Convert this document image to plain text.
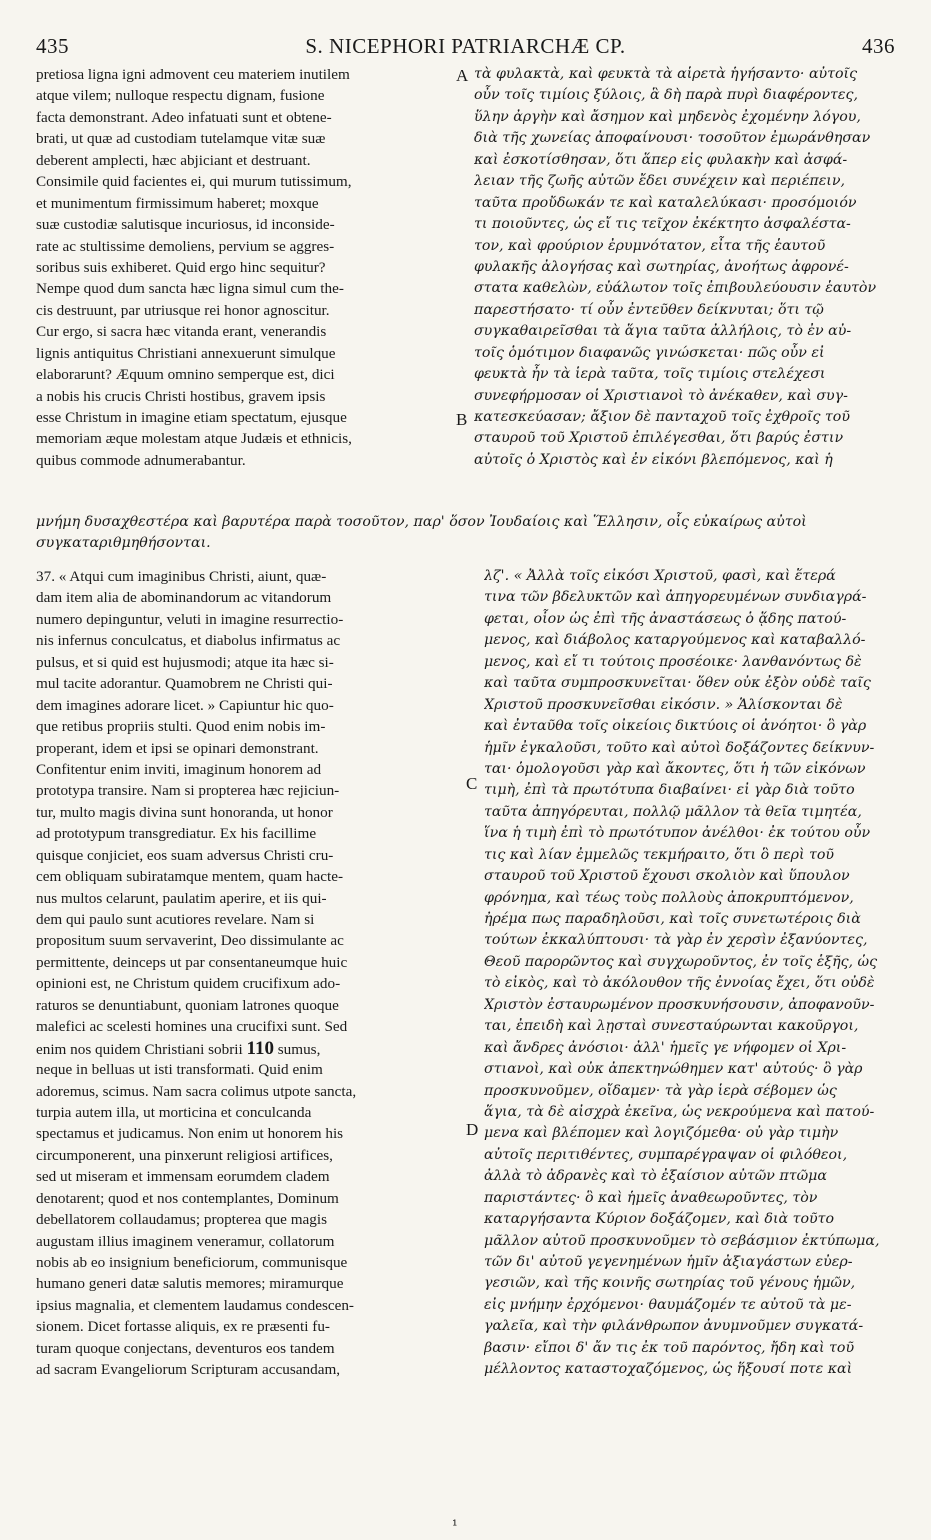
435	S. NICEPHORI PATRIARCHÆ CP.	436
A
B
C
D
pretiosa ligna igni admovent ceu materiem inutilem
atque vilem; nulloque respectu dignam, fusione
facta demonstrant. Adeo infatuati sunt et obtene-
brati, ut quæ ad custodiam tutelamque vitæ suæ
deberent amplecti, hæc abjiciant et destruant.
Consimile quid facientes ei, qui murum tutissimum,
et munimentum firmissimum haberet; moxque
suæ custodiæ salutisque incuriosus, id inconside-
rate ac stultissime demoliens, pervium se aggres-
soribus suis exhiberet. Quid ergo hinc sequitur?
Nempe quod dum sancta hæc ligna simul cum the-
cis destruunt, par utriusque rei honor agnoscitur.
Cur ergo, si sacra hæc vitanda erant, venerandis
lignis antiquitus Christiani annexuerunt simulque
elaborarunt? Æquum omnino semperque est, dici
a nobis his crucis Christi hostibus, gravem ipsis
esse Christum in imagine etiam spectatum, ejusque
memoriam æque molestam atque Judæis et ethnicis,
quibus commode adnumerabantur.
τὰ φυλακτὰ, καὶ φευκτὰ τὰ αἱρετὰ ἡγήσαντο· αὐτοῖς
οὖν τοῖς τιμίοις ξύλοις, ἃ δὴ παρὰ πυρὶ διαφέροντες,
ὕλην ἀργὴν καὶ ἄσημον καὶ μηδενὸς ἐχομένην λόγου,
διὰ τῆς χωνείας ἀποφαίνουσι· τοσοῦτον ἐμωράνθησαν
καὶ ἐσκοτίσθησαν, ὅτι ἅπερ εἰς φυλακὴν καὶ ἀσφά-
λειαν τῆς ζωῆς αὐτῶν ἔδει συνέχειν καὶ περιέπειν,
ταῦτα προὔδωκάν τε καὶ καταλελύκασι· προσόμοιόν
τι ποιοῦντες, ὡς εἴ τις τεῖχον ἐκέκτητο ἀσφαλέστα-
τον, καὶ φρούριον ἐρυμνότατον, εἶτα τῆς ἑαυτοῦ
φυλακῆς ἀλογήσας καὶ σωτηρίας, ἀνοήτως ἀφρονέ-
στατα καθελὼν, εὐάλωτον τοῖς ἐπιβουλεύουσιν ἑαυτὸν
παρεστήσατο· τί οὖν ἐντεῦθεν δείκνυται; ὅτι τῷ
συγκαθαιρεῖσθαι τὰ ἅγια ταῦτα ἀλλήλοις, τὸ ἐν αὐ-
τοῖς ὁμότιμον διαφανῶς γινώσκεται· πῶς οὖν εἰ
φευκτὰ ἦν τὰ ἱερὰ ταῦτα, τοῖς τιμίοις στελέχεσι
συνεφήρμοσαν οἱ Χριστιανοὶ τὸ ἀνέκαθεν, καὶ συγ-
κατεσκεύασαν; ἄξιον δὲ πανταχοῦ τοῖς ἐχθροῖς τοῦ
σταυροῦ τοῦ Χριστοῦ ἐπιλέγεσθαι, ὅτι βαρύς ἐστιν
αὐτοῖς ὁ Χριστὸς καὶ ἐν εἰκόνι βλεπόμενος, καὶ ἡ
μνήμη δυσαχθεστέρα καὶ βαρυτέρα παρὰ τοσοῦτον, παρ' ὅσον Ἰουδαίοις καὶ Ἕλλησιν, οἷς εὐκαίρως αὐτοὶ
συγκαταριθμηθήσονται.
37. « Atqui cum imaginibus Christi, aiunt, quæ-
dam item alia de abominandorum ac vitandorum
numero depinguntur, veluti in imagine resurrectio-
nis infernus conculcatus, et diabolus infirmatus ac
pulsus, et si quid est hujusmodi; atque ita hæc si-
mul tacite adorantur. Quamobrem ne Christi qui-
dem imagines adorare licet. » Capiuntur hic quo-
que retibus propriis stulti. Quod enim nobis im-
properant, idem et ipsi se opinari demonstrant.
Confitentur enim inviti, imaginum honorem ad
prototypa transire. Nam si propterea hæc rejiciun-
tur, multo magis divina sunt honoranda, ut honor
ad prototypum transgrediatur. Ex his facillime
quisque conjiciet, eos suam adversus Christi cru-
cem obliquam subiratamque mentem, quam hacte-
nus multos celarunt, paulatim aperire, et iis qui-
dem qui paulo sunt acutiores revelare. Nam si
propositum suum servaverint, Deo dissimulante ac
permittente, deinceps ut par consentaneumque huic
opinioni est, ne Christum quidem crucifixum ado-
raturos se denuntiabunt, quoniam latrones quoque
malefici ac scelesti homines una crucifixi sunt. Sed
enim nos quidem Christiani sobrii 110 sumus,
neque in belluas ut isti transformati. Quid enim
adoremus, scimus. Nam sacra colimus utpote sancta,
turpia autem illa, ut morticina et conculcanda
spectamus et judicamus. Non enim ut honorem his
circumponerent, una pinxerunt religiosi artifices,
sed ut miseram et immensam eorumdem cladem
denotarent; quod et nos contemplantes, Dominum
debellatorem collaudamus; propterea que magis
augustam illius imaginem veneramur, collatorum
nobis ab eo insignium beneficiorum, communisque
humano generi datæ salutis memores; miramurque
ipsius magnalia, et clementem laudamus condescen-
sionem. Dicet fortasse aliquis, ex re præsenti fu-
turam quoque conjectans, deventuros eos tandem
ad sacram Evangeliorum Scripturam accusandam,
λζ'. « Ἀλλὰ τοῖς εἰκόσι Χριστοῦ, φασὶ, καὶ ἕτερά
τινα τῶν βδελυκτῶν καὶ ἀπηγορευμένων συνδιαγρά-
φεται, οἷον ὡς ἐπὶ τῆς ἀναστάσεως ὁ ᾅδης πατού-
μενος, καὶ διάβολος καταργούμενος καὶ καταβαλλό-
μενος, καὶ εἴ τι τούτοις προσέοικε· λανθανόντως δὲ
καὶ ταῦτα συμπροσκυνεῖται· ὅθεν οὐκ ἐξὸν οὐδὲ ταῖς
Χριστοῦ προσκυνεῖσθαι εἰκόσιν. » Ἁλίσκονται δὲ
καὶ ἐνταῦθα τοῖς οἰκείοις δικτύοις οἱ ἀνόητοι· ὃ γὰρ
ἡμῖν ἐγκαλοῦσι, τοῦτο καὶ αὐτοὶ δοξάζοντες δείκνυν-
ται· ὁμολογοῦσι γὰρ καὶ ἄκοντες, ὅτι ἡ τῶν εἰκόνων
τιμὴ, ἐπὶ τὰ πρωτότυπα διαβαίνει· εἰ γὰρ διὰ τοῦτο
ταῦτα ἀπηγόρευται, πολλῷ μᾶλλον τὰ θεῖα τιμητέα,
ἵνα ἡ τιμὴ ἐπὶ τὸ πρωτότυπον ἀνέλθοι· ἐκ τούτου οὖν
τις καὶ λίαν ἐμμελῶς τεκμήραιτο, ὅτι ὃ περὶ τοῦ
σταυροῦ τοῦ Χριστοῦ ἔχουσι σκολιὸν καὶ ὕπουλον
φρόνημα, καὶ τέως τοὺς πολλοὺς ἀποκρυπτόμενον,
ἠρέμα πως παραδηλοῦσι, καὶ τοῖς συνετωτέροις διὰ
τούτων ἐκκαλύπτουσι· τὰ γὰρ ἐν χερσὶν ἐξανύοντες,
Θεοῦ παρορῶντος καὶ συγχωροῦντος, ἐν τοῖς ἑξῆς, ὡς
τὸ εἰκὸς, καὶ τὸ ἀκόλουθον τῆς ἐννοίας ἔχει, ὅτι οὐδὲ
Χριστὸν ἐσταυρωμένον προσκυνήσουσιν, ἀποφανοῦν-
ται, ἐπειδὴ καὶ λῃσταὶ συνεσταύρωνται κακοῦργοι,
καὶ ἄνδρες ἀνόσιοι· ἀλλ' ἡμεῖς γε νήφομεν οἱ Χρι-
στιανοὶ, καὶ οὐκ ἀπεκτηνώθημεν κατ' αὐτούς· ὃ γὰρ
προσκυνοῦμεν, οἴδαμεν· τὰ γὰρ ἱερὰ σέβομεν ὡς
ἅγια, τὰ δὲ αἰσχρὰ ἐκεῖνα, ὡς νεκρούμενα καὶ πατού-
μενα καὶ βλέπομεν καὶ λογιζόμεθα· οὐ γὰρ τιμὴν
αὐτοῖς περιτιθέντες, συμπαρέγραψαν οἱ φιλόθεοι,
ἀλλὰ τὸ ἀδρανὲς καὶ τὸ ἐξαίσιον αὐτῶν πτῶμα
παριστάντες· ὃ καὶ ἡμεῖς ἀναθεωροῦντες, τὸν
καταργήσαντα Κύριον δοξάζομεν, καὶ διὰ τοῦτο
μᾶλλον αὐτοῦ προσκυνοῦμεν τὸ σεβάσμιον ἐκτύπωμα,
τῶν δι' αὐτοῦ γεγενημένων ἡμῖν ἀξιαγάστων εὐερ-
γεσιῶν, καὶ τῆς κοινῆς σωτηρίας τοῦ γένους ἡμῶν,
εἰς μνήμην ἐρχόμενοι· θαυμάζομέν τε αὐτοῦ τὰ με-
γαλεῖα, καὶ τὴν φιλάνθρωπον ἀνυμνοῦμεν συγκατά-
βασιν· εἴποι δ' ἄν τις ἐκ τοῦ παρόντος, ἤδη καὶ τοῦ
μέλλοντος καταστοχαζόμενος, ὡς ἥξουσί ποτε καὶ
¹
